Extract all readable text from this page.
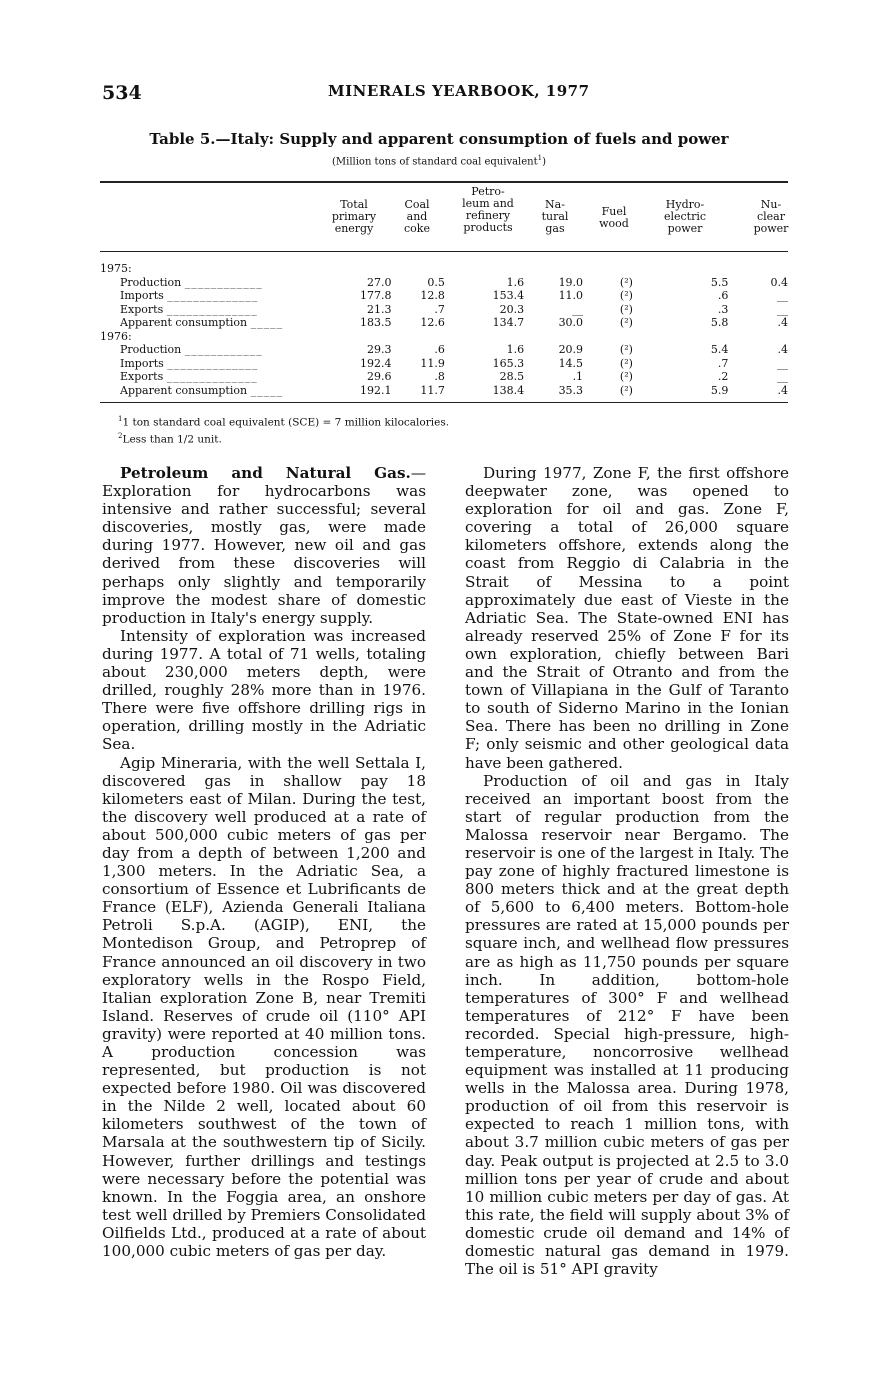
534	MINERALS YEARBOOK, 1977
Table 5.—Italy: Supply and apparent consumption of fuels and power
(Million tons of standard coal equivalent$^1$)
Total primary energy
Coal and coke
Petro- leum and refinery products
Na- tural gas
Fuel wood
Hydro- electric power
Nu- clear power
1975:							
Production ____________	27.0	0.5	1.6	19.0	(²)	5.5	0.4
Imports ______________	177.8	12.8	153.4	11.0	(²)	.6	__
Exports ______________	21.3	.7	20.3	__	(²)	.3	__
Apparent consumption _____	183.5	12.6	134.7	30.0	(²)	5.8	.4
1976:							
Production ____________	29.3	.6	1.6	20.9	(²)	5.4	.4
Imports ______________	192.4	11.9	165.3	14.5	(²)	.7	__
Exports ______________	29.6	.8	28.5	.1	(²)	.2	__
Apparent consumption _____	192.1	11.7	138.4	35.3	(²)	5.9	.4
$^1$1 ton standard coal equivalent (SCE) = 7 million kilocalories.
$^2$Less than 1/2 unit.

Petroleum and Natural Gas.—Exploration for hydrocarbons was intensive and rather successful; several discoveries, mostly gas, were made during 1977. However, new oil and gas derived from these discoveries will perhaps only slightly and temporarily improve the modest share of domestic production in Italy's energy supply.

Intensity of exploration was increased during 1977. A total of 71 wells, totaling about 230,000 meters depth, were drilled, roughly 28% more than in 1976. There were five offshore drilling rigs in operation, drilling mostly in the Adriatic Sea.

Agip Mineraria, with the well Settala I, discovered gas in shallow pay 18 kilometers east of Milan. During the test, the discovery well produced at a rate of about 500,000 cubic meters of gas per day from a depth of between 1,200 and 1,300 meters. In the Adriatic Sea, a consortium of Essence et Lubrificants de France (ELF), Azienda Generali Italiana Petroli S.p.A. (AGIP), ENI, the Montedison Group, and Petroprep of France announced an oil discovery in two exploratory wells in the Rospo Field, Italian exploration Zone B, near Tremiti Island. Reserves of crude oil (110° API gravity) were reported at 40 million tons. A production concession was represented, but production is not expected before 1980. Oil was discovered in the Nilde 2 well, located about 60 kilometers southwest of the town of Marsala at the southwestern tip of Sicily. However, further drillings and testings were necessary before the potential was known. In the Foggia area, an onshore test well drilled by Premiers Consolidated Oilfields Ltd., produced at a rate of about 100,000 cubic meters of gas per day.

During 1977, Zone F, the first offshore deepwater zone, was opened to exploration for oil and gas. Zone F, covering a total of 26,000 square kilometers offshore, extends along the coast from Reggio di Calabria in the Strait of Messina to a point approximately due east of Vieste in the Adriatic Sea. The State-owned ENI has already reserved 25% of Zone F for its own exploration, chiefly between Bari and the Strait of Otranto and from the town of Villapiana in the Gulf of Taranto to south of Siderno Marino in the Ionian Sea. There has been no drilling in Zone F; only seismic and other geological data have been gathered.

Production of oil and gas in Italy received an important boost from the start of regular production from the Malossa reservoir near Bergamo. The reservoir is one of the largest in Italy. The pay zone of highly fractured limestone is 800 meters thick and at the great depth of 5,600 to 6,400 meters. Bottom-hole pressures are rated at 15,000 pounds per square inch, and wellhead flow pressures are as high as 11,750 pounds per square inch. In addition, bottom-hole temperatures of 300° F and wellhead temperatures of 212° F have been recorded. Special high-pressure, high-temperature, noncorrosive wellhead equipment was installed at 11 producing wells in the Malossa area. During 1978, production of oil from this reservoir is expected to reach 1 million tons, with about 3.7 million cubic meters of gas per day. Peak output is projected at 2.5 to 3.0 million tons per year of crude and about 10 million cubic meters per day of gas. At this rate, the field will supply about 3% of domestic crude oil demand and 14% of domestic natural gas demand in 1979. The oil is 51° API gravity
